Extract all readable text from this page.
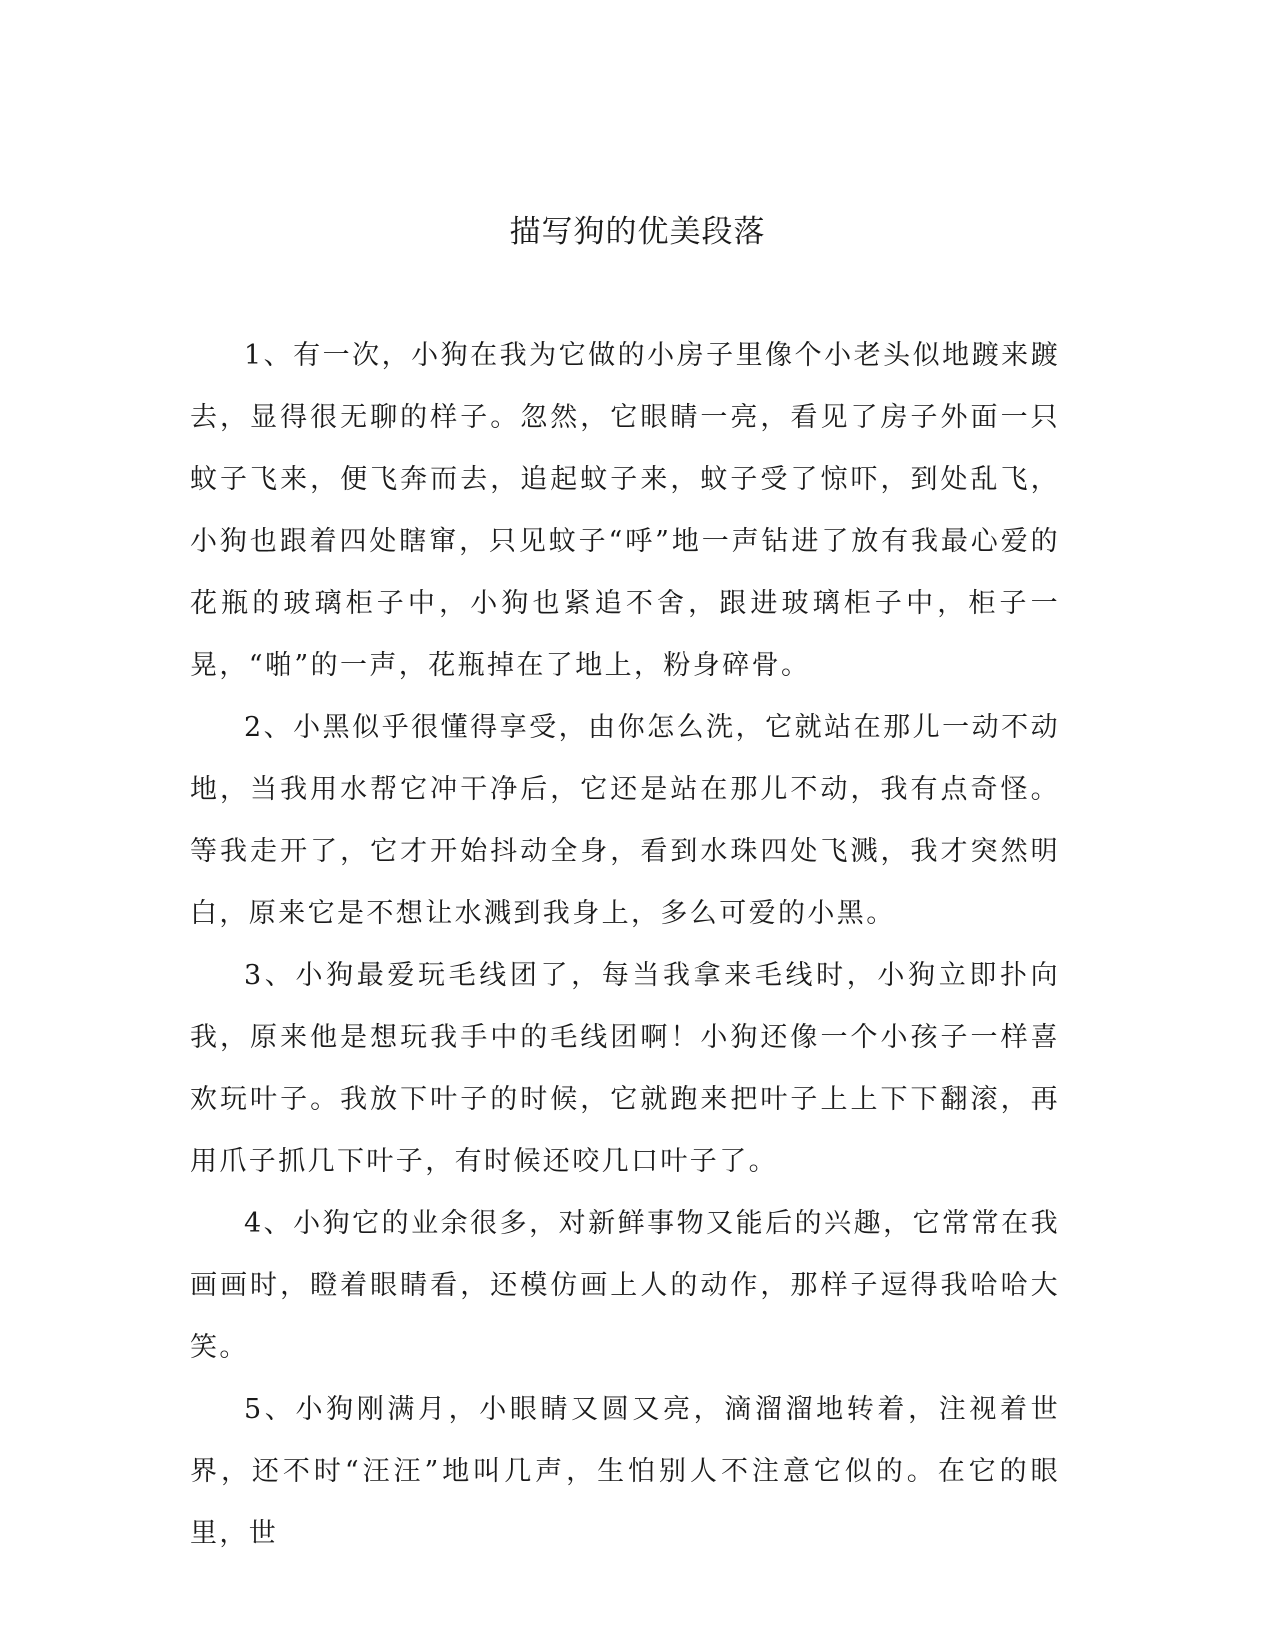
描写狗的优美段落

1、有一次，小狗在我为它做的小房子里像个小老头似地踱来踱去，显得很无聊的样子。忽然，它眼睛一亮，看见了房子外面一只蚊子飞来，便飞奔而去，追起蚊子来，蚊子受了惊吓，到处乱飞，小狗也跟着四处瞎窜，只见蚊子“呼”地一声钻进了放有我最心爱的花瓶的玻璃柜子中，小狗也紧追不舍，跟进玻璃柜子中，柜子一晃，“啪”的一声，花瓶掉在了地上，粉身碎骨。

2、小黑似乎很懂得享受，由你怎么洗，它就站在那儿一动不动地，当我用水帮它冲干净后，它还是站在那儿不动，我有点奇怪。等我走开了，它才开始抖动全身，看到水珠四处飞溅，我才突然明白，原来它是不想让水溅到我身上，多么可爱的小黑。

3、小狗最爱玩毛线团了，每当我拿来毛线时，小狗立即扑向我，原来他是想玩我手中的毛线团啊！小狗还像一个小孩子一样喜欢玩叶子。我放下叶子的时候，它就跑来把叶子上上下下翻滚，再用爪子抓几下叶子，有时候还咬几口叶子了。

4、小狗它的业余很多，对新鲜事物又能后的兴趣，它常常在我画画时，瞪着眼睛看，还模仿画上人的动作，那样子逗得我哈哈大笑。

5、小狗刚满月，小眼睛又圆又亮，滴溜溜地转着，注视着世界，还不时“汪汪”地叫几声，生怕别人不注意它似的。在它的眼里，世
